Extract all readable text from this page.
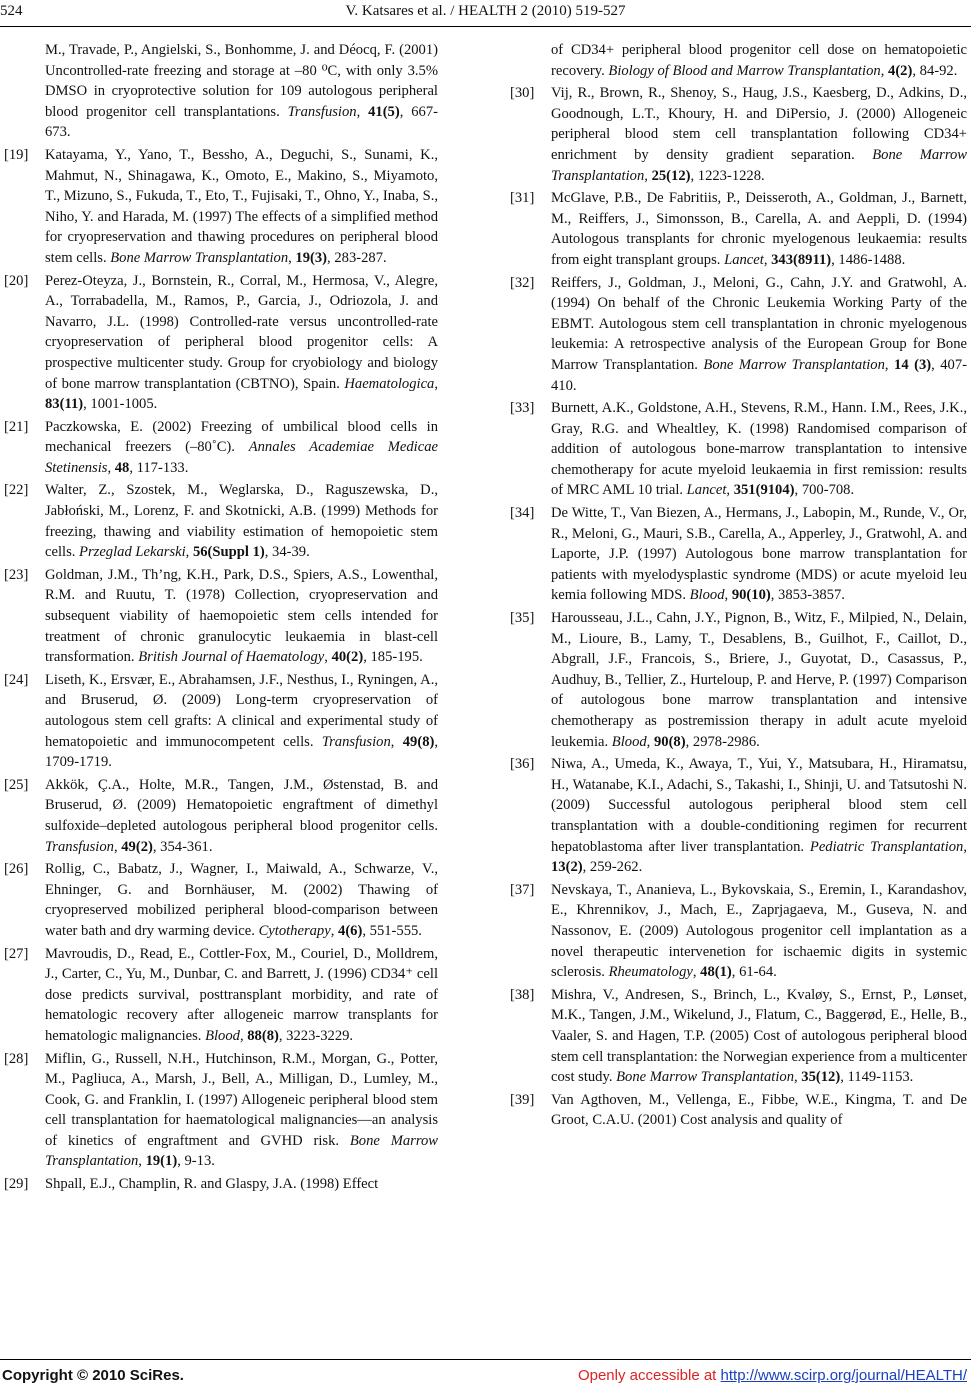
524	V. Katsares et al. / HEALTH 2 (2010) 519-527
M., Travade, P., Angielski, S., Bonhomme, J. and Déocq, F. (2001) Uncontrolled-rate freezing and storage at –80 ⁰C, with only 3.5% DMSO in cryoprotective solution for 109 autologous peripheral blood progenitor cell transplantations. Transfusion, 41(5), 667-673.
[19]	Katayama, Y., Yano, T., Bessho, A., Deguchi, S., Sunami, K., Mahmut, N., Shinagawa, K., Omoto, E., Makino, S., Miyamoto, T., Mizuno, S., Fukuda, T., Eto, T., Fujisaki, T., Ohno, Y., Inaba, S., Niho, Y. and Harada, M. (1997) The effects of a simplified method for cryopreservation and thawing procedures on peripheral blood stem cells. Bone Marrow Transplantation, 19(3), 283-287.
[20]	Perez-Oteyza, J., Bornstein, R., Corral, M., Hermosa, V., Alegre, A., Torrabadella, M., Ramos, P., Garcia, J., Odriozola, J. and Navarro, J.L. (1998) Controlled-rate versus uncontrolled-rate cryopreservation of peripheral blood progenitor cells: A prospective multicenter study. Group for cryobiology and biology of bone marrow transplantation (CBTNO), Spain. Haematologica, 83(11), 1001-1005.
[21]	Paczkowska, E. (2002) Freezing of umbilical blood cells in mechanical freezers (–80˚C). Annales Academiae Medicae Stetinensis, 48, 117-133.
[22]	Walter, Z., Szostek, M., Weglarska, D., Raguszewska, D., Jabłoński, M., Lorenz, F. and Skotnicki, A.B. (1999) Methods for freezing, thawing and viability estimation of hemopoietic stem cells. Przeglad Lekarski, 56(Suppl 1), 34-39.
[23]	Goldman, J.M., Th’ng, K.H., Park, D.S., Spiers, A.S., Lowenthal, R.M. and Ruutu, T. (1978) Collection, cryopreservation and subsequent viability of haemopoietic stem cells intended for treatment of chronic granulocytic leukaemia in blast-cell transformation. British Journal of Haematology, 40(2), 185-195.
[24]	Liseth, K., Ersvær, E., Abrahamsen, J.F., Nesthus, I., Ryningen, A., and Bruserud, Ø. (2009) Long-term cryopreservation of autologous stem cell grafts: A clinical and experimental study of hematopoietic and immunocompetent cells. Transfusion, 49(8), 1709-1719.
[25]	Akkök, Ç.A., Holte, M.R., Tangen, J.M., Østenstad, B. and Bruserud, Ø. (2009) Hematopoietic engraftment of dimethyl sulfoxide–depleted autologous peripheral blood progenitor cells. Transfusion, 49(2), 354-361.
[26]	Rollig, C., Babatz, J., Wagner, I., Maiwald, A., Schwarze, V., Ehninger, G. and Bornhäuser, M. (2002) Thawing of cryopreserved mobilized peripheral blood-comparison between water bath and dry warming device. Cytotherapy, 4(6), 551-555.
[27]	Mavroudis, D., Read, E., Cottler-Fox, M., Couriel, D., Molldrem, J., Carter, C., Yu, M., Dunbar, C. and Barrett, J. (1996) CD34⁺ cell dose predicts survival, posttransplant morbidity, and rate of hematologic recovery after allogeneic marrow transplants for hematologic malignancies. Blood, 88(8), 3223-3229.
[28]	Miflin, G., Russell, N.H., Hutchinson, R.M., Morgan, G., Potter, M., Pagliuca, A., Marsh, J., Bell, A., Milligan, D., Lumley, M., Cook, G. and Franklin, I. (1997) Allogeneic peripheral blood stem cell transplantation for haematological malignancies—an analysis of kinetics of engraftment and GVHD risk. Bone Marrow Transplantation, 19(1), 9-13.
[29]	Shpall, E.J., Champlin, R. and Glaspy, J.A. (1998) Effect
of CD34+ peripheral blood progenitor cell dose on hematopoietic recovery. Biology of Blood and Marrow Transplantation, 4(2), 84-92.
[30]	Vij, R., Brown, R., Shenoy, S., Haug, J.S., Kaesberg, D., Adkins, D., Goodnough, L.T., Khoury, H. and DiPersio, J. (2000) Allogeneic peripheral blood stem cell transplantation following CD34+ enrichment by density gradient separation. Bone Marrow Transplantation, 25(12), 1223-1228.
[31]	McGlave, P.B., De Fabritiis, P., Deisseroth, A., Goldman, J., Barnett, M., Reiffers, J., Simonsson, B., Carella, A. and Aeppli, D. (1994) Autologous transplants for chronic myelogenous leukaemia: results from eight transplant groups. Lancet, 343(8911), 1486-1488.
[32]	Reiffers, J., Goldman, J., Meloni, G., Cahn, J.Y. and Gratwohl, A. (1994) On behalf of the Chronic Leukemia Working Party of the EBMT. Autologous stem cell transplantation in chronic myelogenous leukemia: A retrospective analysis of the European Group for Bone Marrow Transplantation. Bone Marrow Transplantation, 14 (3), 407-410.
[33]	Burnett, A.K., Goldstone, A.H., Stevens, R.M., Hann. I.M., Rees, J.K., Gray, R.G. and Whealtley, K. (1998) Randomised comparison of addition of autologous bone-marrow transplantation to intensive chemotherapy for acute myeloid leukaemia in first remission: results of MRC AML 10 trial. Lancet, 351(9104), 700-708.
[34]	De Witte, T., Van Biezen, A., Hermans, J., Labopin, M., Runde, V., Or, R., Meloni, G., Mauri, S.B., Carella, A., Apperley, J., Gratwohl, A. and Laporte, J.P. (1997) Autologous bone marrow transplantation for patients with myelodysplastic syndrome (MDS) or acute myeloid leu kemia following MDS. Blood, 90(10), 3853-3857.
[35]	Harousseau, J.L., Cahn, J.Y., Pignon, B., Witz, F., Milpied, N., Delain, M., Lioure, B., Lamy, T., Desablens, B., Guilhot, F., Caillot, D., Abgrall, J.F., Francois, S., Briere, J., Guyotat, D., Casassus, P., Audhuy, B., Tellier, Z., Hurteloup, P. and Herve, P. (1997) Comparison of autologous bone marrow transplantation and intensive chemotherapy as postremission therapy in adult acute myeloid leukemia. Blood, 90(8), 2978-2986.
[36]	Niwa, A., Umeda, K., Awaya, T., Yui, Y., Matsubara, H., Hiramatsu, H., Watanabe, K.I., Adachi, S., Takashi, I., Shinji, U. and Tatsutoshi N. (2009) Successful autologous peripheral blood stem cell transplantation with a double-conditioning regimen for recurrent hepatoblastoma after liver transplantation. Pediatric Transplantation, 13(2), 259-262.
[37]	Nevskaya, T., Ananieva, L., Bykovskaia, S., Eremin, I., Karandashov, E., Khrennikov, J., Mach, E., Zaprjagaeva, M., Guseva, N. and Nassonov, E. (2009) Autologous progenitor cell implantation as a novel therapeutic intervenetion for ischaemic digits in systemic sclerosis. Rheumatology, 48(1), 61-64.
[38]	Mishra, V., Andresen, S., Brinch, L., Kvaløy, S., Ernst, P., Lønset, M.K., Tangen, J.M., Wikelund, J., Flatum, C., Baggerød, E., Helle, B., Vaaler, S. and Hagen, T.P. (2005) Cost of autologous peripheral blood stem cell transplantation: the Norwegian experience from a multicenter cost study. Bone Marrow Transplantation, 35(12), 1149-1153.
[39]	Van Agthoven, M., Vellenga, E., Fibbe, W.E., Kingma, T. and De Groot, C.A.U. (2001) Cost analysis and quality of
Copyright © 2010 SciRes.	Openly accessible at http://www.scirp.org/journal/HEALTH/
